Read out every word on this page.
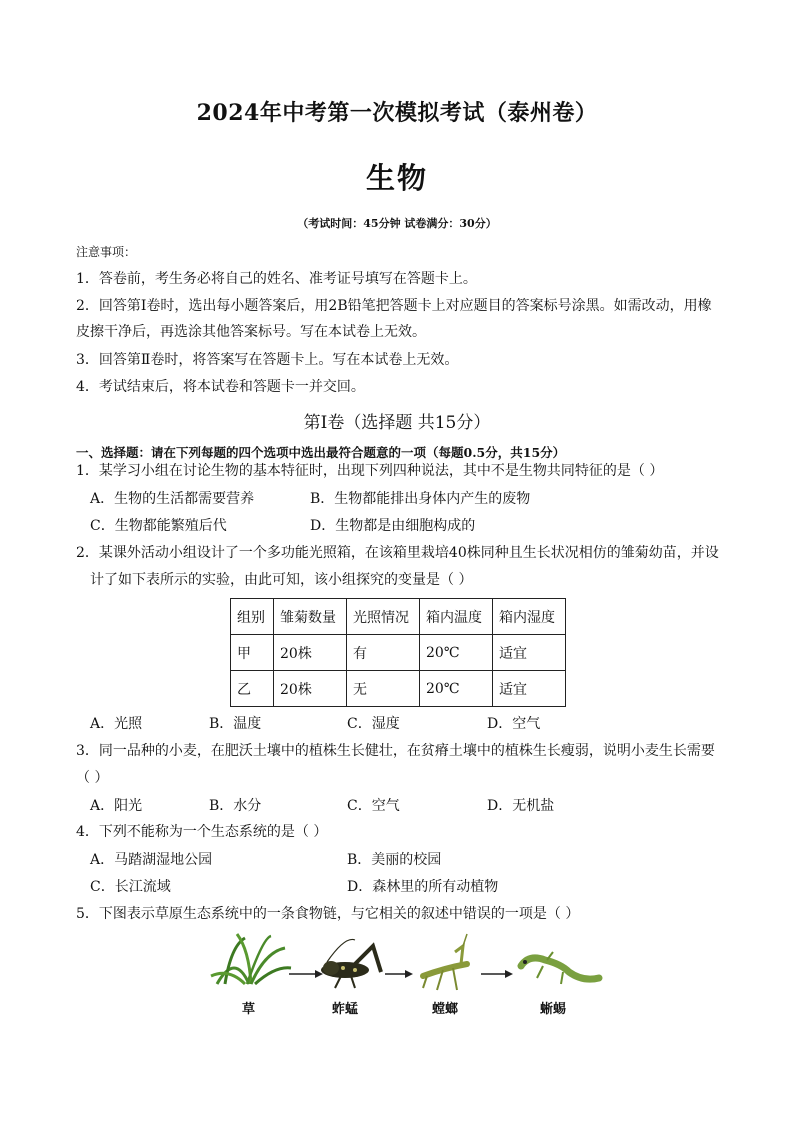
2024年中考第一次模拟考试（泰州卷）
生物
（考试时间：45分钟 试卷满分：30分）
注意事项：
1．答卷前，考生务必将自己的姓名、准考证号填写在答题卡上。
2．回答第Ⅰ卷时，选出每小题答案后，用2B铅笔把答题卡上对应题目的答案标号涂黑。如需改动，用橡
皮擦干净后，再选涂其他答案标号。写在本试卷上无效。
3．回答第Ⅱ卷时，将答案写在答题卡上。写在本试卷上无效。
4．考试结束后，将本试卷和答题卡一并交回。
第Ⅰ卷（选择题 共15分）
一、选择题：请在下列每题的四个选项中选出最符合题意的一项（每题0.5分，共15分）
1．某学习小组在讨论生物的基本特征时，出现下列四种说法，其中不是生物共同特征的是（ ）
A．生物的生活都需要营养	B．生物都能排出身体内产生的废物
C．生物都能繁殖后代	D．生物都是由细胞构成的
2．某课外活动小组设计了一个多功能光照箱，在该箱里栽培40株同种且生长状况相仿的雏菊幼苗，并设
计了如下表所示的实验，由此可知，该小组探究的变量是（ ）
组别	雏菊数量	光照情况	箱内温度	箱内湿度
甲	20株	有	20℃	适宜
乙	20株	无	20℃	适宜
A．光照	B．温度	C．湿度	D．空气
3．同一品种的小麦，在肥沃土壤中的植株生长健壮，在贫瘠土壤中的植株生长瘦弱，说明小麦生长需要
（ ）
A．阳光	B．水分	C．空气	D．无机盐
4．下列不能称为一个生态系统的是（ ）
A．马踏湖湿地公园	B．美丽的校园
C．长江流域	D．森林里的所有动植物
5．下图表示草原生态系统中的一条食物链，与它相关的叙述中错误的一项是（ ）
草	蚱蜢	螳螂	蜥蜴
